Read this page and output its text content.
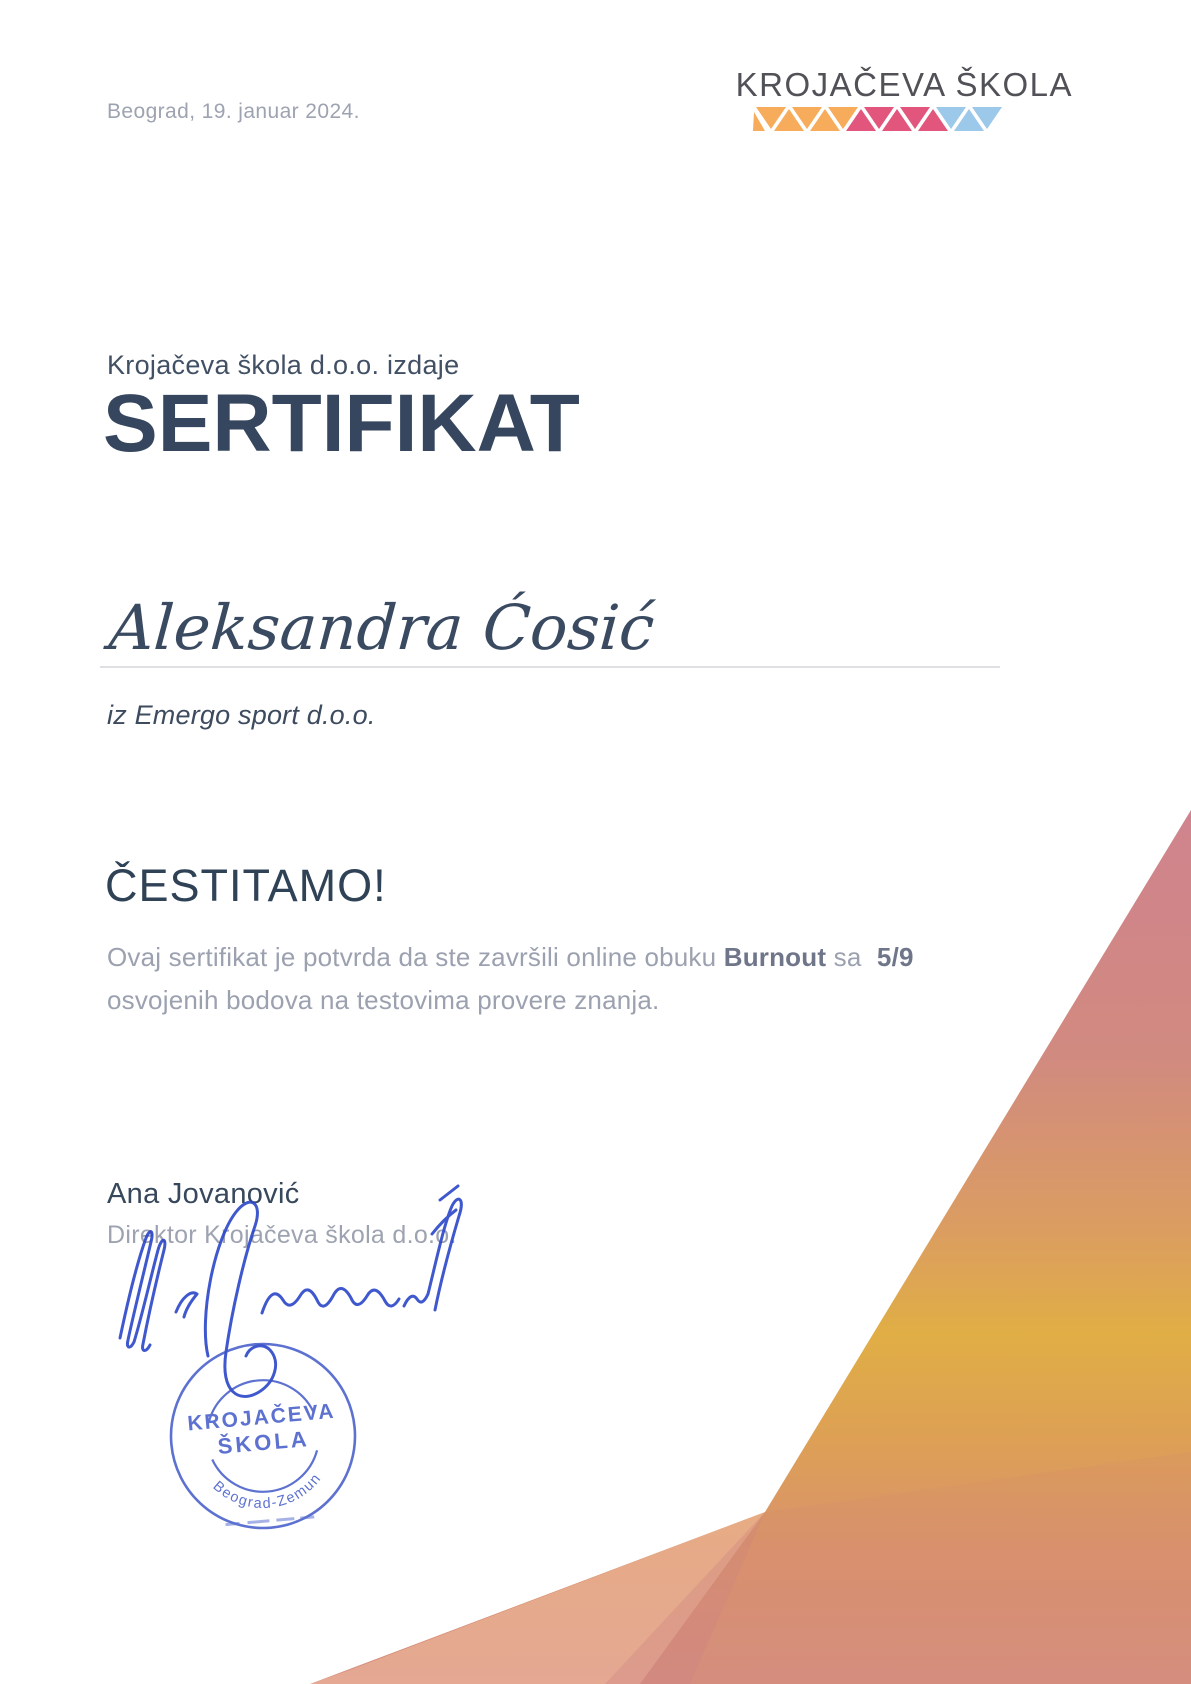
Beograd, 19. januar 2024.
KROJAČEVA ŠKOLA
Krojačeva škola d.o.o. izdaje
SERTIFIKAT
Aleksandra Ćosić
iz Emergo sport d.o.o.
ČESTITAMO!
Ovaj sertifikat je potvrda da ste završili online obuku Burnout sa 5/9
osvojenih bodova na testovima provere znanja.
Ana Jovanović
Direktor Krojačeva škola d.o.o.
KROJAČEVA
ŠKOLA
Beograd-Zemun
